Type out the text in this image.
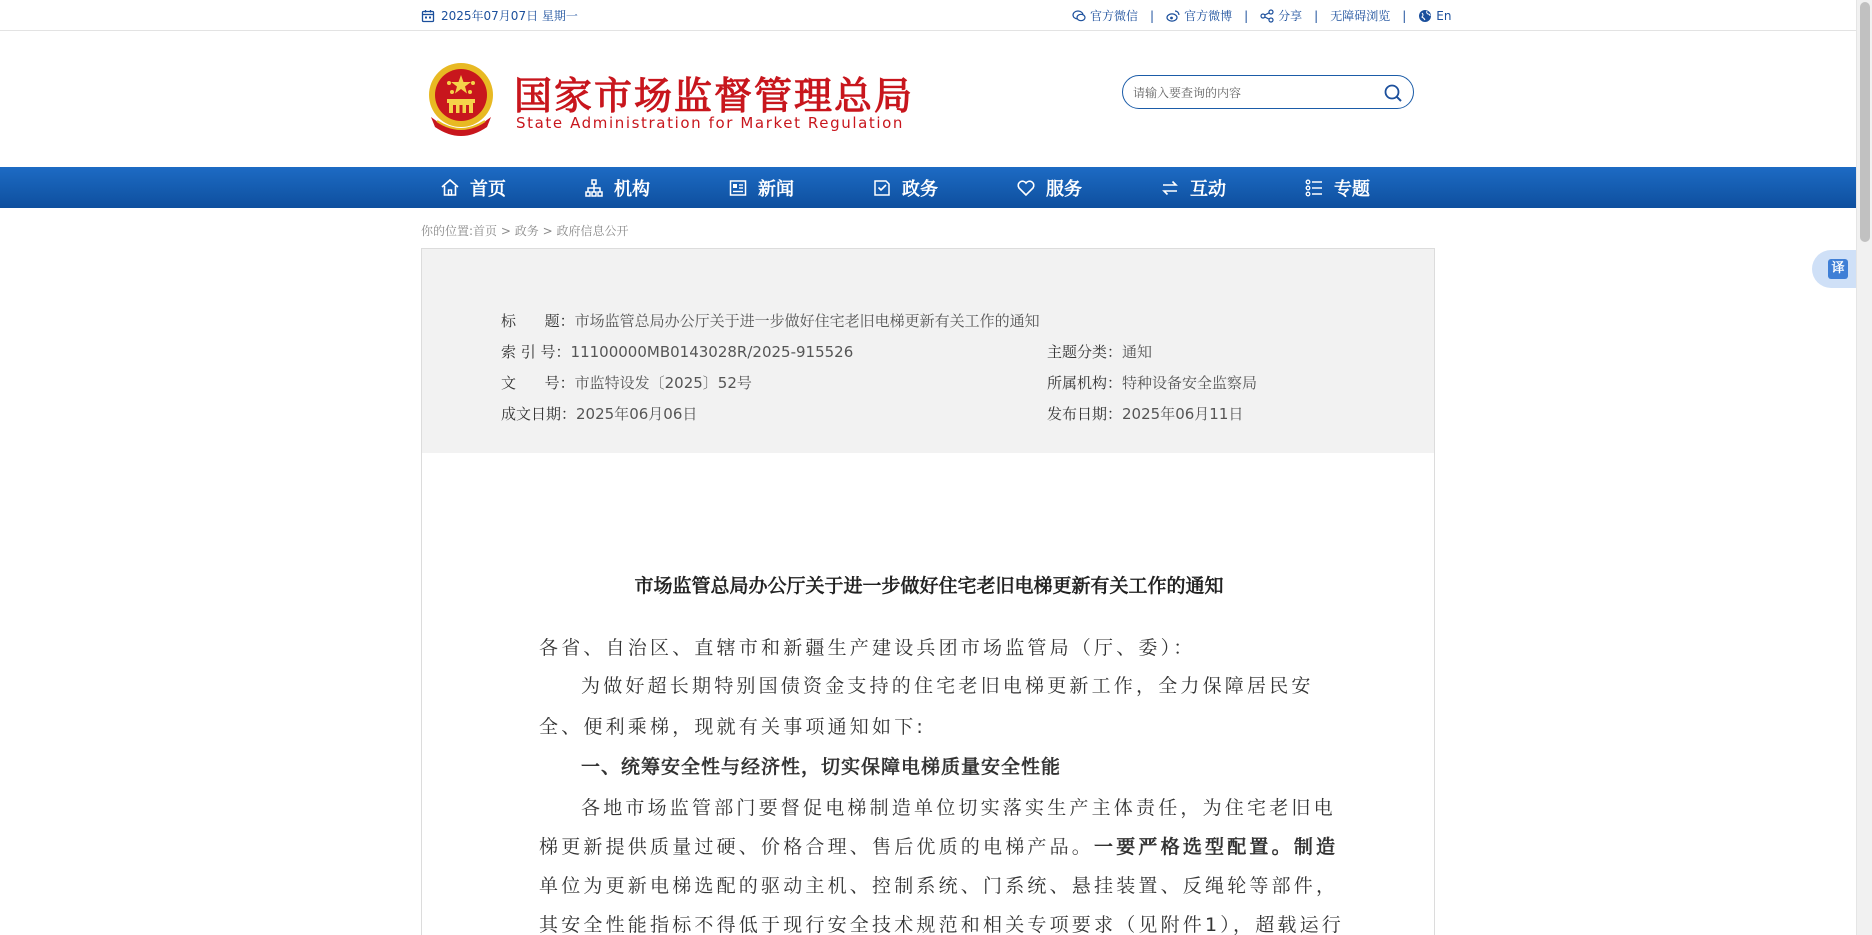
2025年07月07日 星期一	官方微信 |	官方微博 |	分享 | 无障碍浏览 |	En
国家市场监督管理总局
State Administration for Market Regulation
请输入要查询的内容
首页	机构	新闻	政务	服务	互动	专题
你的位置:首页 > 政务 > 政府信息公开
标      题：市场监管总局办公厅关于进一步做好住宅老旧电梯更新有关工作的通知
索 引 号：11100000MB0143028R/2025-915526	主题分类：通知
文      号：市监特设发〔2025〕52号	所属机构：特种设备安全监察局
成文日期：2025年06月06日	发布日期：2025年06月11日
市场监管总局办公厅关于进一步做好住宅老旧电梯更新有关工作的通知
各省、自治区、直辖市和新疆生产建设兵团市场监管局（厅、委）：
为做好超长期特别国债资金支持的住宅老旧电梯更新工作，全力保障居民安
全、便利乘梯，现就有关事项通知如下:
一、统筹安全性与经济性，切实保障电梯质量安全性能
各地市场监管部门要督促电梯制造单位切实落实生产主体责任，为住宅老旧电
梯更新提供质量过硬、价格合理、售后优质的电梯产品。一要严格选型配置。制造
单位为更新电梯选配的驱动主机、控制系统、门系统、悬挂装置、反绳轮等部件，
其安全性能指标不得低于现行安全技术规范和相关专项要求（见附件1），超载运行
译
